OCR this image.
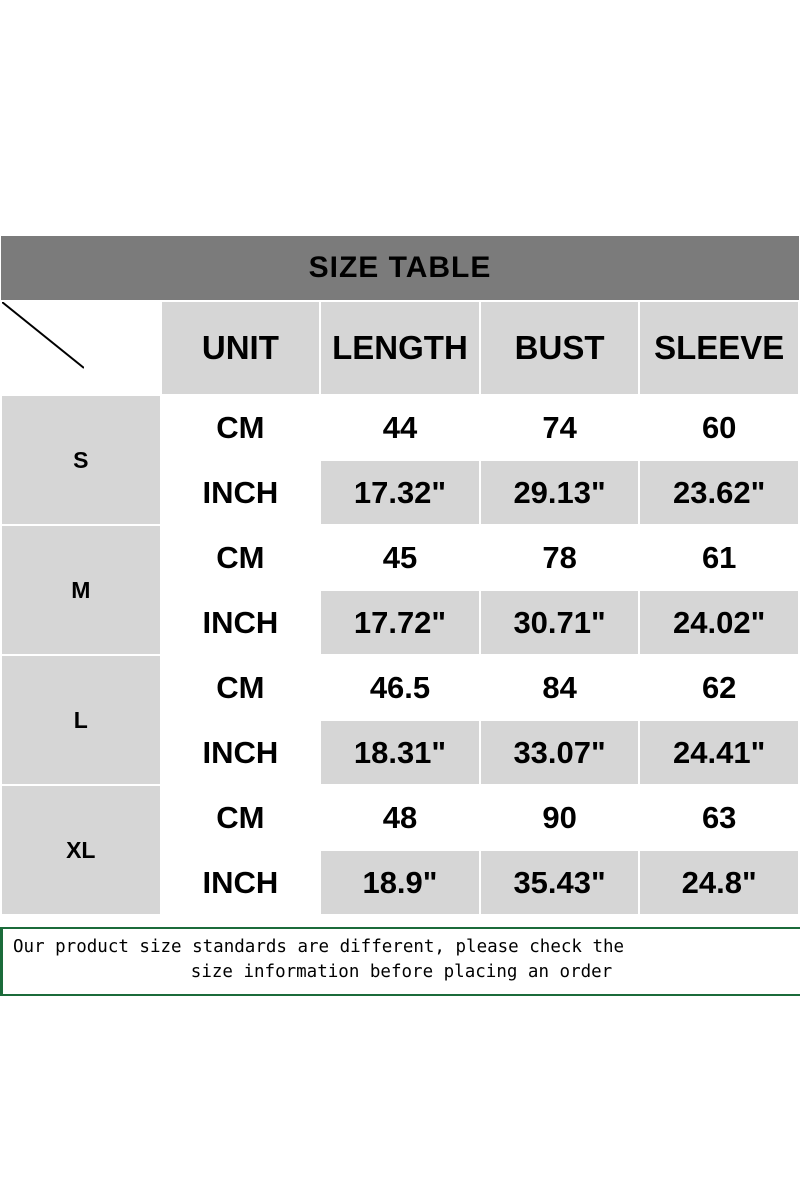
SIZE TABLE				

	UNIT	LENGTH	BUST	SLEEVE
S	CM	44	74	60
	INCH	17.32"	29.13"	23.62"
M	CM	45	78	61
	INCH	17.72"	30.71"	24.02"
L	CM	46.5	84	62
	INCH	18.31"	33.07"	24.41"
XL	CM	48	90	63
	INCH	18.9"	35.43"	24.8"
Our product size standards are different, please check the
size information before placing an order
